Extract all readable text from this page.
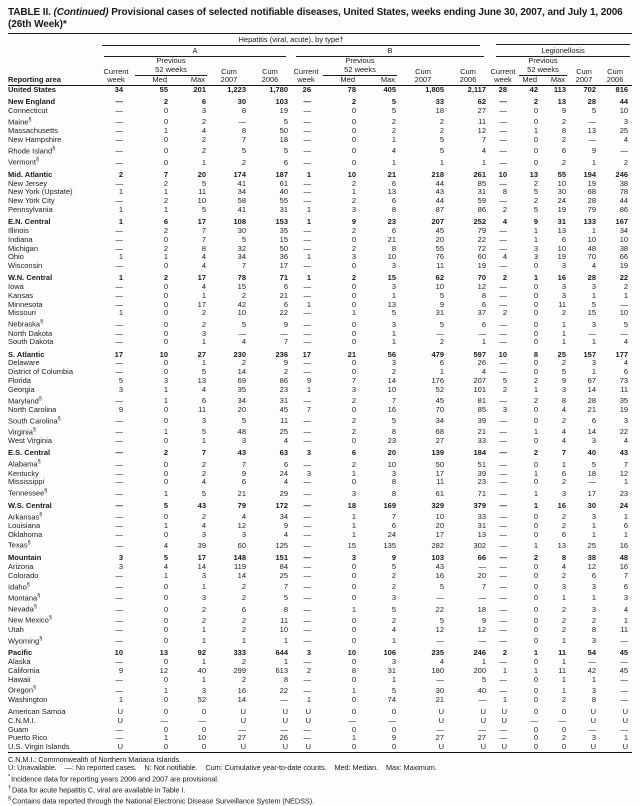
TABLE II. (Continued) Provisional cases of selected notifiable diseases, United States, weeks ending June 30, 2007, and July 1, 2006
(26th Week)*

	Hepatitis (viral, acute), by type†														

	A					B					Legionellosis				

Reporting area	Current
week	Previous
52 weeks		Cum
2007	Cum
2006	Current
week	Previous
52 weeks		Cum
2007	Cum
2006	Current
week	Previous
52 weeks		Cum
2007	Cum
2006
		Med	Max				Med	Max				Med	Max		
United States	34	55	201	1,223	1,780	26	78	405	1,805	2,117	28	42	113	702	816

New England	—	2	6	30	103	—	2	5	33	62	—	2	13	28	44
Connecticut	—	0	3	8	19	—	0	5	18	27	—	0	9	5	10
Maine§	—	0	2	—	5	—	0	2	2	11	—	0	2	—	3
Massachusetts	—	1	4	8	50	—	0	2	2	12	—	1	8	13	25
New Hampshire	—	0	2	7	18	—	0	1	5	7	—	0	2	—	4
Rhode Island§	—	0	2	5	5	—	0	4	5	4	—	0	6	9	—
Vermont§	—	0	1	2	6	—	0	1	1	1	—	0	2	1	2

Mid. Atlantic	2	7	20	174	187	1	10	21	218	261	10	13	55	194	246
New Jersey	—	2	5	41	61	—	2	6	44	85	—	2	10	19	38
New York (Upstate)	1	1	11	34	40	—	1	13	43	31	8	5	30	68	78
New York City	—	2	10	58	55	—	2	6	44	59	—	2	24	28	44
Pennsylvania	1	1	5	41	31	1	3	8	87	86	2	5	19	79	86

E.N. Central	1	6	17	108	153	1	9	23	207	252	4	9	31	133	167
Illinois	—	2	7	30	35	—	2	6	45	79	—	1	13	1	34
Indiana	—	0	7	5	15	—	0	21	20	22	—	1	6	10	10
Michigan	—	2	8	32	50	—	2	8	55	72	—	3	10	48	38
Ohio	1	1	4	34	36	1	3	10	76	60	4	3	19	70	66
Wisconsin	—	0	4	7	17	—	0	3	11	19	—	0	3	4	19

W.N. Central	1	2	17	78	71	1	2	15	62	70	2	1	16	28	22
Iowa	—	0	4	15	6	—	0	3	10	12	—	0	3	3	2
Kansas	—	0	1	2	21	—	0	1	5	8	—	0	3	1	1
Minnesota	—	0	17	42	6	1	0	13	9	6	—	0	11	5	—
Missouri	1	0	2	10	22	—	1	5	31	37	2	0	2	15	10
Nebraska§	—	0	2	5	9	—	0	3	5	6	—	0	1	3	5
North Dakota	—	0	3	—	—	—	0	1	—	—	—	0	1	—	—
South Dakota	—	0	1	4	7	—	0	1	2	1	—	0	1	1	4

S. Atlantic	17	10	27	230	236	17	21	56	479	597	10	8	25	157	177
Delaware	—	0	1	2	9	—	0	3	6	26	—	0	2	3	4
District of Columbia	—	0	5	14	2	—	0	2	1	4	—	0	5	1	6
Florida	5	3	13	69	86	9	7	14	176	207	5	2	9	67	73
Georgia	3	1	4	35	23	1	3	10	52	101	2	1	3	14	11
Maryland§	—	1	6	34	31	—	2	7	45	81	—	2	8	28	35
North Carolina	9	0	11	20	45	7	0	16	70	85	3	0	4	21	19
South Carolina§	—	0	3	5	11	—	2	5	34	39	—	0	2	6	3
Virginia§	—	1	5	48	25	—	2	8	68	21	—	1	4	14	22
West Virginia	—	0	1	3	4	—	0	23	27	33	—	0	4	3	4

E.S. Central	—	2	7	43	63	3	6	20	139	184	—	2	7	40	43
Alabama§	—	0	2	7	6	—	2	10	50	51	—	0	1	5	7
Kentucky	—	0	2	9	24	3	1	3	17	39	—	1	6	18	12
Mississippi	—	0	4	6	4	—	0	8	11	23	—	0	2	—	1
Tennessee§	—	1	5	21	29	—	3	8	61	71	—	1	3	17	23

W.S. Central	—	5	43	79	172	—	18	169	329	379	—	1	16	30	24
Arkansas§	—	0	2	4	34	—	1	7	10	33	—	0	2	3	1
Louisiana	—	1	4	12	9	—	1	6	20	31	—	0	2	1	6
Oklahoma	—	0	3	3	4	—	1	24	17	13	—	0	6	1	1
Texas§	—	4	39	60	125	—	15	135	282	302	—	1	13	25	16

Mountain	3	5	17	148	151	—	3	9	103	66	—	2	8	38	48
Arizona	3	4	14	119	84	—	0	5	43	—	—	0	4	12	16
Colorado	—	1	3	14	25	—	0	2	16	20	—	0	2	6	7
Idaho§	—	0	1	2	7	—	0	2	5	7	—	0	3	3	6
Montana§	—	0	3	2	5	—	0	3	—	—	—	0	1	1	3
Nevada§	—	0	2	6	8	—	1	5	22	18	—	0	2	3	4
New Mexico§	—	0	2	2	11	—	0	2	5	9	—	0	2	2	1
Utah	—	0	1	2	10	—	0	4	12	12	—	0	2	8	11
Wyoming§	—	0	1	1	1	—	0	1	—	—	—	0	1	3	—

Pacific	10	13	92	333	644	3	10	106	235	246	2	1	11	54	45
Alaska	—	0	1	2	1	—	0	3	4	1	—	0	1	—	—
California	9	12	40	299	613	2	8	31	180	200	1	1	11	42	45
Hawaii	—	0	1	2	8	—	0	1	—	5	—	0	1	1	—
Oregon§	—	1	3	16	22	—	1	5	30	40	—	0	1	3	—
Washington	1	0	52	14	—	1	0	74	21	—	1	0	2	8	—

American Samoa	U	0	0	U	U	U	0	0	U	U	U	0	0	U	U
C.N.M.I.	U	—	—	U	U	U	—	—	U	U	U	—	—	U	U
Guam	—	0	0	—	—	—	0	0	—	—	—	0	0	—	—
Puerto Rico	—	1	10	27	26	—	1	9	27	27	—	0	2	3	1
U.S. Virgin Islands	U	0	0	U	U	U	0	0	U	U	U	0	0	U	U
C.N.M.I.: Commonwealth of Northern Mariana Islands.
U: Unavailable.    —: No reported cases.    N: Not notifiable.    Cum: Cumulative year-to-date counts.    Med: Median.    Max: Maximum.
*Incidence data for reporting years 2006 and 2007 are provisional.
†Data for acute hepatitis C, viral are available in Table I.
§Contains data reported through the National Electronic Disease Surveillance System (NEDSS).
